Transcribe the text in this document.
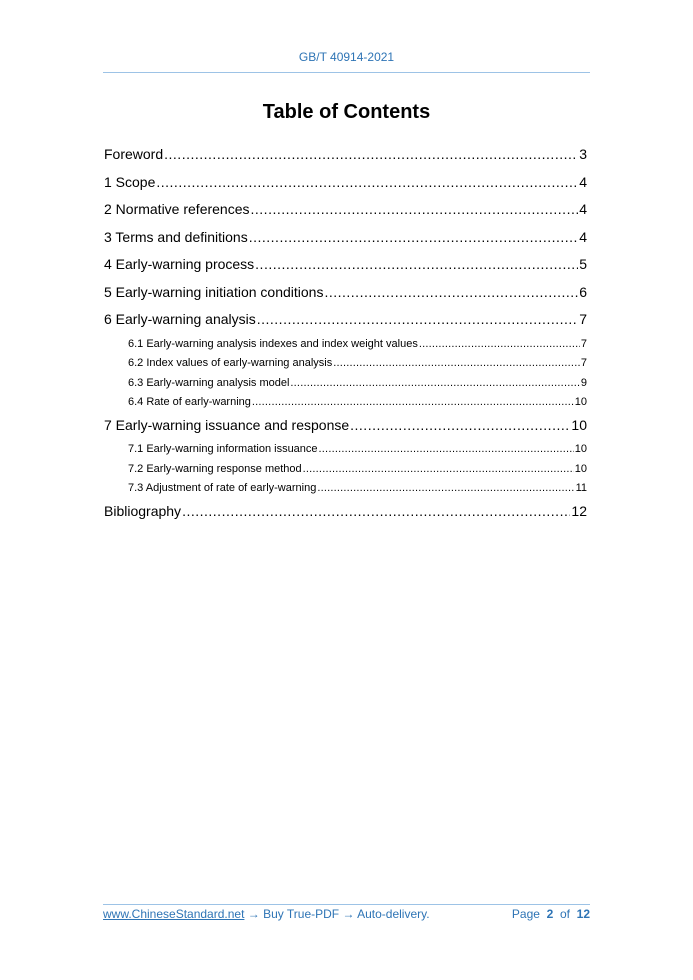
GB/T 40914-2021
Table of Contents
Foreword .....	3
1 Scope .....	4
2 Normative references .....	4
3 Terms and definitions .....	4
4 Early-warning process .....	5
5 Early-warning initiation conditions .....	6
6 Early-warning analysis .....	7
6.1 Early-warning analysis indexes and index weight values .....	7
6.2 Index values of early-warning analysis .....	7
6.3 Early-warning analysis model .....	9
6.4 Rate of early-warning .....	10
7 Early-warning issuance and response .....	10
7.1 Early-warning information issuance .....	10
7.2 Early-warning response method .....	10
7.3 Adjustment of rate of early-warning .....	11
Bibliography .....	12
www.ChineseStandard.net → Buy True-PDF → Auto-delivery.	Page 2 of 12
